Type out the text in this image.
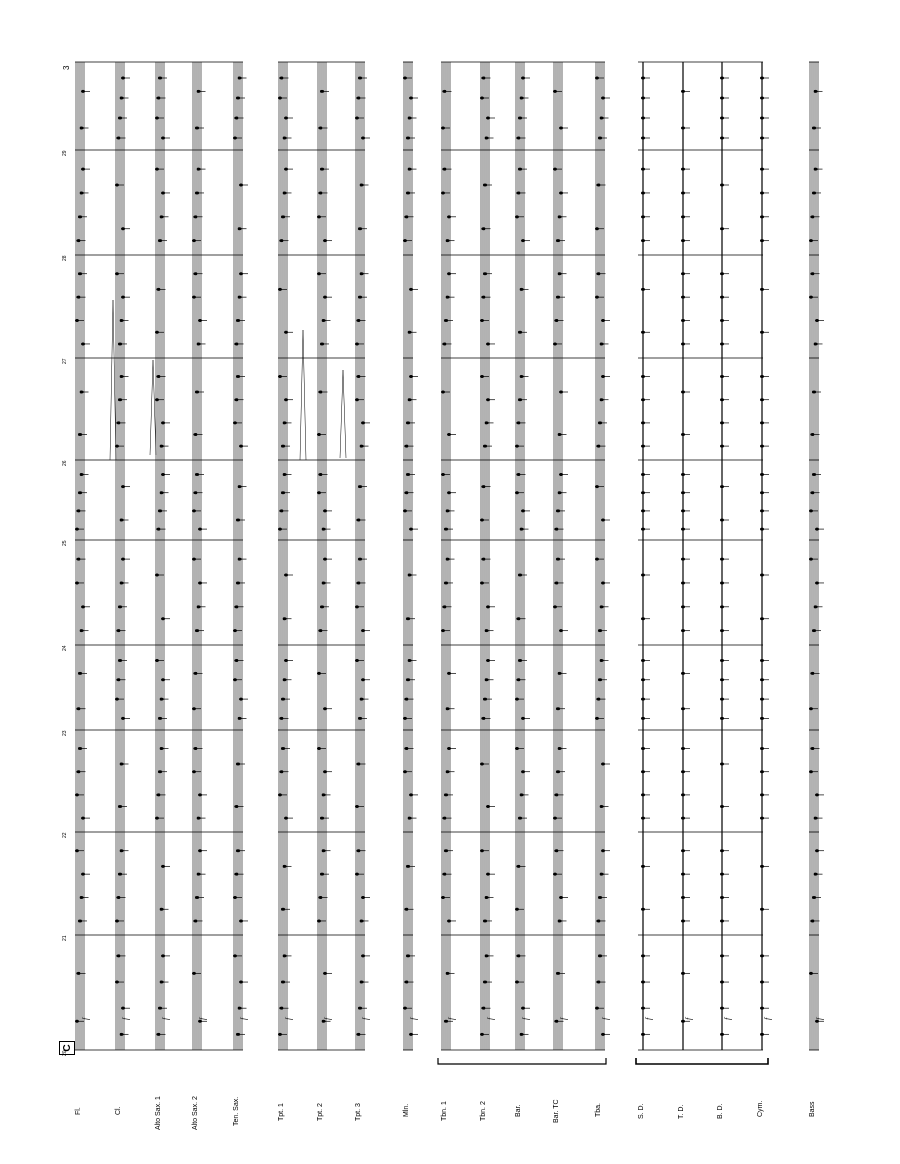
f	f	f	f	f	f	f	f	f	f	f	f	f	f	f	f	f	f	f
3
C
Fl.	Cl.	Alto Sax. 1	Alto Sax. 2	Ten. Sax.	Tpt. 1	Tpt. 2	Tpt. 3	Mln.	Tbn. 1	Tbn. 2	Bar.	Bar. TC	Tba.	S. D.	T. D.	B. D.	Cym.	Bass
20
21
22
23
24
25
26
27
28
29
